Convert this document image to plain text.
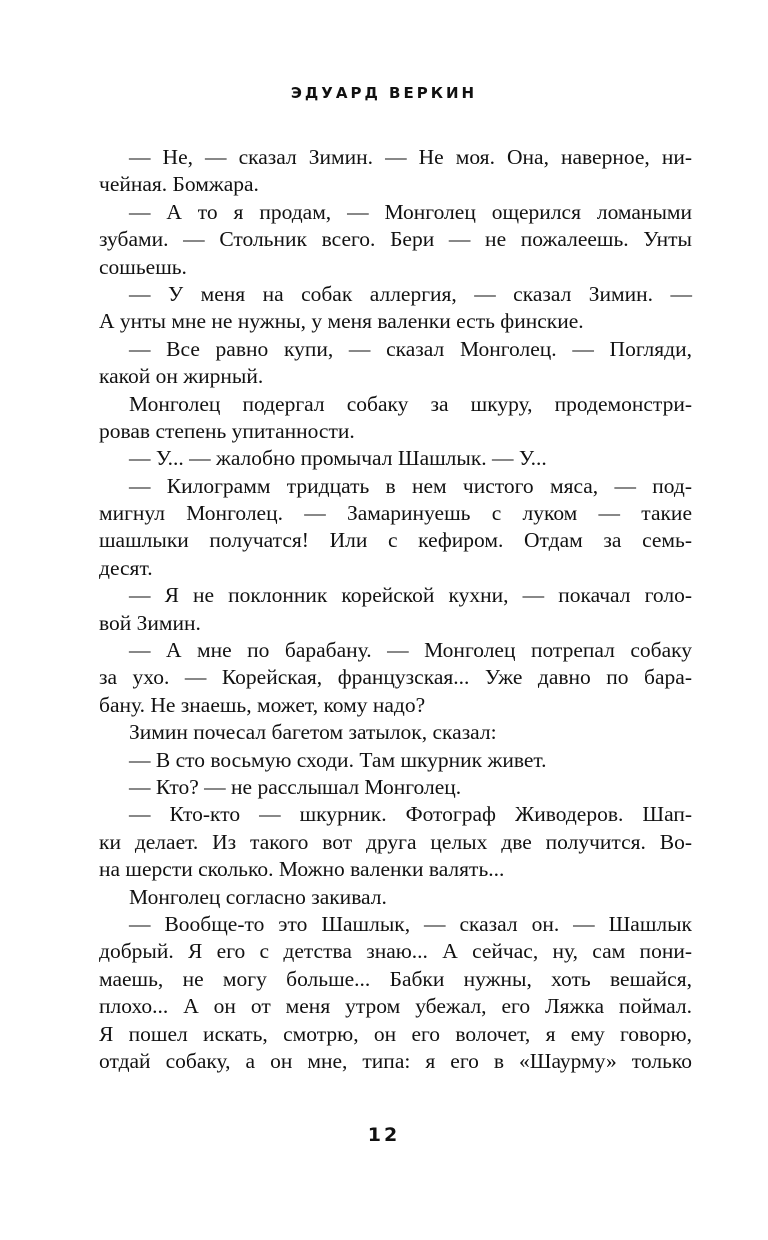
ЭДУАРД ВЕРКИН
— Не, — сказал Зимин. — Не моя. Она, наверное, ни-
чейная. Бомжара.
— А то я продам, — Монголец ощерился ломаными
зубами. — Стольник всего. Бери — не пожалеешь. Унты
сошьешь.
— У меня на собак аллергия, — сказал Зимин. —
А унты мне не нужны, у меня валенки есть финские.
— Все равно купи, — сказал Монголец. — Погляди,
какой он жирный.
Монголец подергал собаку за шкуру, продемонстри-
ровав степень упитанности.
— У... — жалобно промычал Шашлык. — У...
— Килограмм тридцать в нем чистого мяса, — под-
мигнул Монголец. — Замаринуешь с луком — такие
шашлыки получатся! Или с кефиром. Отдам за семь-
десят.
— Я не поклонник корейской кухни, — покачал голо-
вой Зимин.
— А мне по барабану. — Монголец потрепал собаку
за ухо. — Корейская, французская... Уже давно по бара-
бану. Не знаешь, может, кому надо?
Зимин почесал багетом затылок, сказал:
— В сто восьмую сходи. Там шкурник живет.
— Кто? — не расслышал Монголец.
— Кто-кто — шкурник. Фотограф Живодеров. Шап-
ки делает. Из такого вот друга целых две получится. Во-
на шерсти сколько. Можно валенки валять...
Монголец согласно закивал.
— Вообще-то это Шашлык, — сказал он. — Шашлык
добрый. Я его с детства знаю... А сейчас, ну, сам пони-
маешь, не могу больше... Бабки нужны, хоть вешайся,
плохо... А он от меня утром убежал, его Ляжка поймал.
Я пошел искать, смотрю, он его волочет, я ему говорю,
отдай собаку, а он мне, типа: я его в «Шаурму» только
12
